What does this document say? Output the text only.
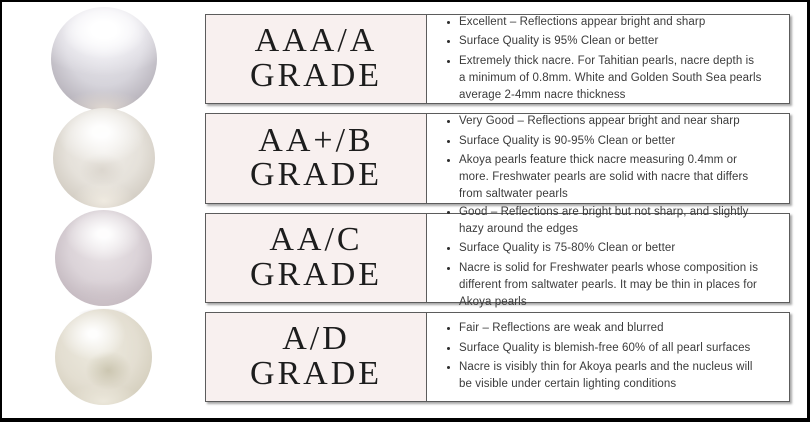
AAA/A
GRADE
• Excellent – Reflections appear bright and sharp
• Surface Quality is 95% Clean or better
• Extremely thick nacre. For Tahitian pearls, nacre depth is a minimum of 0.8mm. White and Golden South Sea pearls average 2-4mm nacre thickness
AA+/B
GRADE
• Very Good – Reflections appear bright and near sharp
• Surface Quality is 90-95% Clean or better
• Akoya pearls feature thick nacre measuring 0.4mm or more. Freshwater pearls are solid with nacre that differs from saltwater pearls
AA/C
GRADE
• Good – Reflections are bright but not sharp, and slightly hazy around the edges
• Surface Quality is 75-80% Clean or better
• Nacre is solid for Freshwater pearls whose composition is different from saltwater pearls. It may be thin in places for Akoya pearls
A/D
GRADE
• Fair – Reflections are weak and blurred
• Surface Quality is blemish-free 60% of all pearl surfaces
• Nacre is visibly thin for Akoya pearls and the nucleus will be visible under certain lighting conditions
